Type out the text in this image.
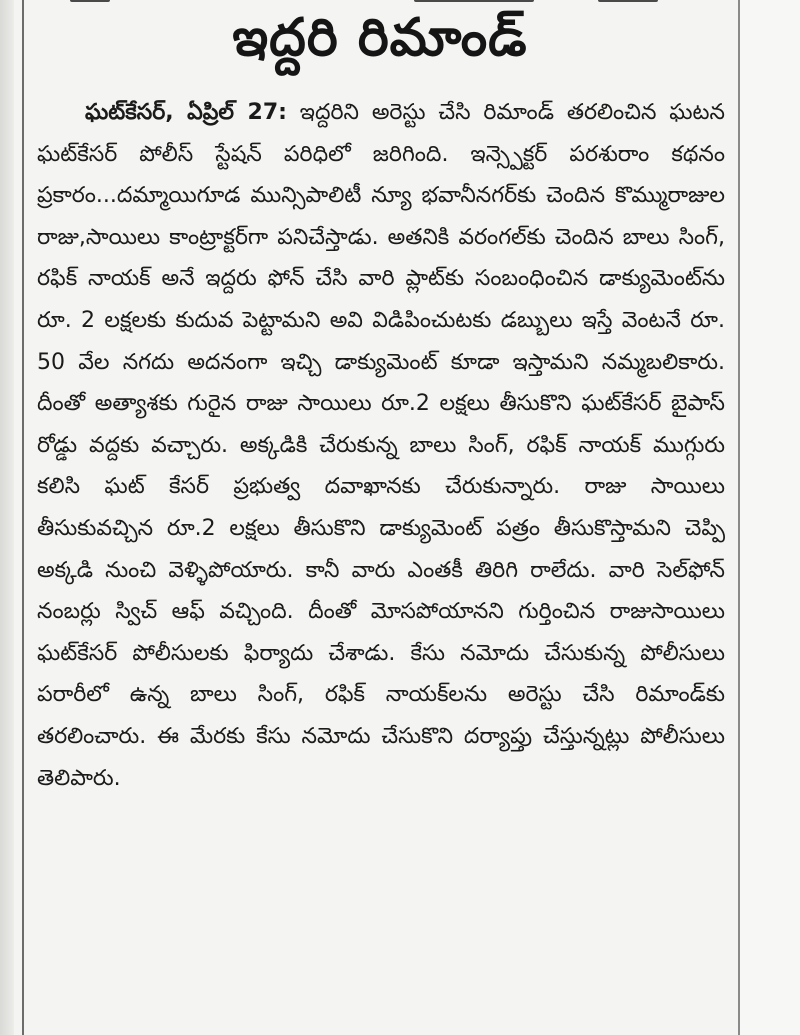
ఇద్దరి రిమాండ్

ఘట్‌కేసర్, ఏప్రిల్ 27: ఇద్దరిని అరెస్టు చేసి రిమాండ్ తరలించిన ఘటన ఘట్‌కేసర్ పోలీస్ స్టేషన్ పరిధిలో జరిగింది. ఇన్స్పెక్టర్ పరశురాం కథనం ప్రకారం...దమ్మాయిగూడ మున్సిపాలిటీ న్యూ భవానీనగర్‌కు చెందిన కొమ్మురాజుల రాజు,సాయిలు కాంట్రాక్టర్‌గా పనిచేస్తాడు. అతనికి వరంగల్‌కు చెందిన బాలు సింగ్, రఫిక్ నాయక్ అనే ఇద్దరు ఫోన్ చేసి వారి ప్లాట్‌కు సంబంధించిన డాక్యుమెంట్‌ను రూ. 2 లక్షలకు కుదువ పెట్టామని అవి విడిపించుటకు డబ్బులు ఇస్తే వెంటనే రూ. 50 వేల నగదు అదనంగా ఇచ్చి డాక్యుమెంట్ కూడా ఇస్తామని నమ్మబలికారు. దీంతో అత్యాశకు గురైన రాజు సాయిలు రూ.2 లక్షలు తీసుకొని ఘట్‌కేసర్ బైపాస్ రోడ్డు వద్దకు వచ్చారు. అక్కడికి చేరుకున్న బాలు సింగ్, రఫిక్ నాయక్ ముగ్గురు కలిసి ఘట్ కేసర్ ప్రభుత్వ దవాఖానకు చేరుకున్నారు. రాజు సాయిలు తీసుకువచ్చిన రూ.2 లక్షలు తీసుకొని డాక్యుమెంట్ పత్రం తీసుకొస్తామని చెప్పి అక్కడి నుంచి వెళ్ళిపోయారు. కానీ వారు ఎంతకీ తిరిగి రాలేదు. వారి సెల్‌ఫోన్ నంబర్లు స్విచ్ ఆఫ్ వచ్చింది. దీంతో మోసపోయానని గుర్తించిన రాజుసాయిలు ఘట్‌కేసర్ పోలీసులకు ఫిర్యాదు చేశాడు. కేసు నమోదు చేసుకున్న పోలీసులు పరారీలో ఉన్న బాలు సింగ్, రఫిక్ నాయక్‌లను అరెస్టు చేసి రిమాండ్‌కు తరలించారు. ఈ మేరకు కేసు నమోదు చేసుకొని దర్యాప్తు చేస్తున్నట్లు పోలీసులు తెలిపారు.
